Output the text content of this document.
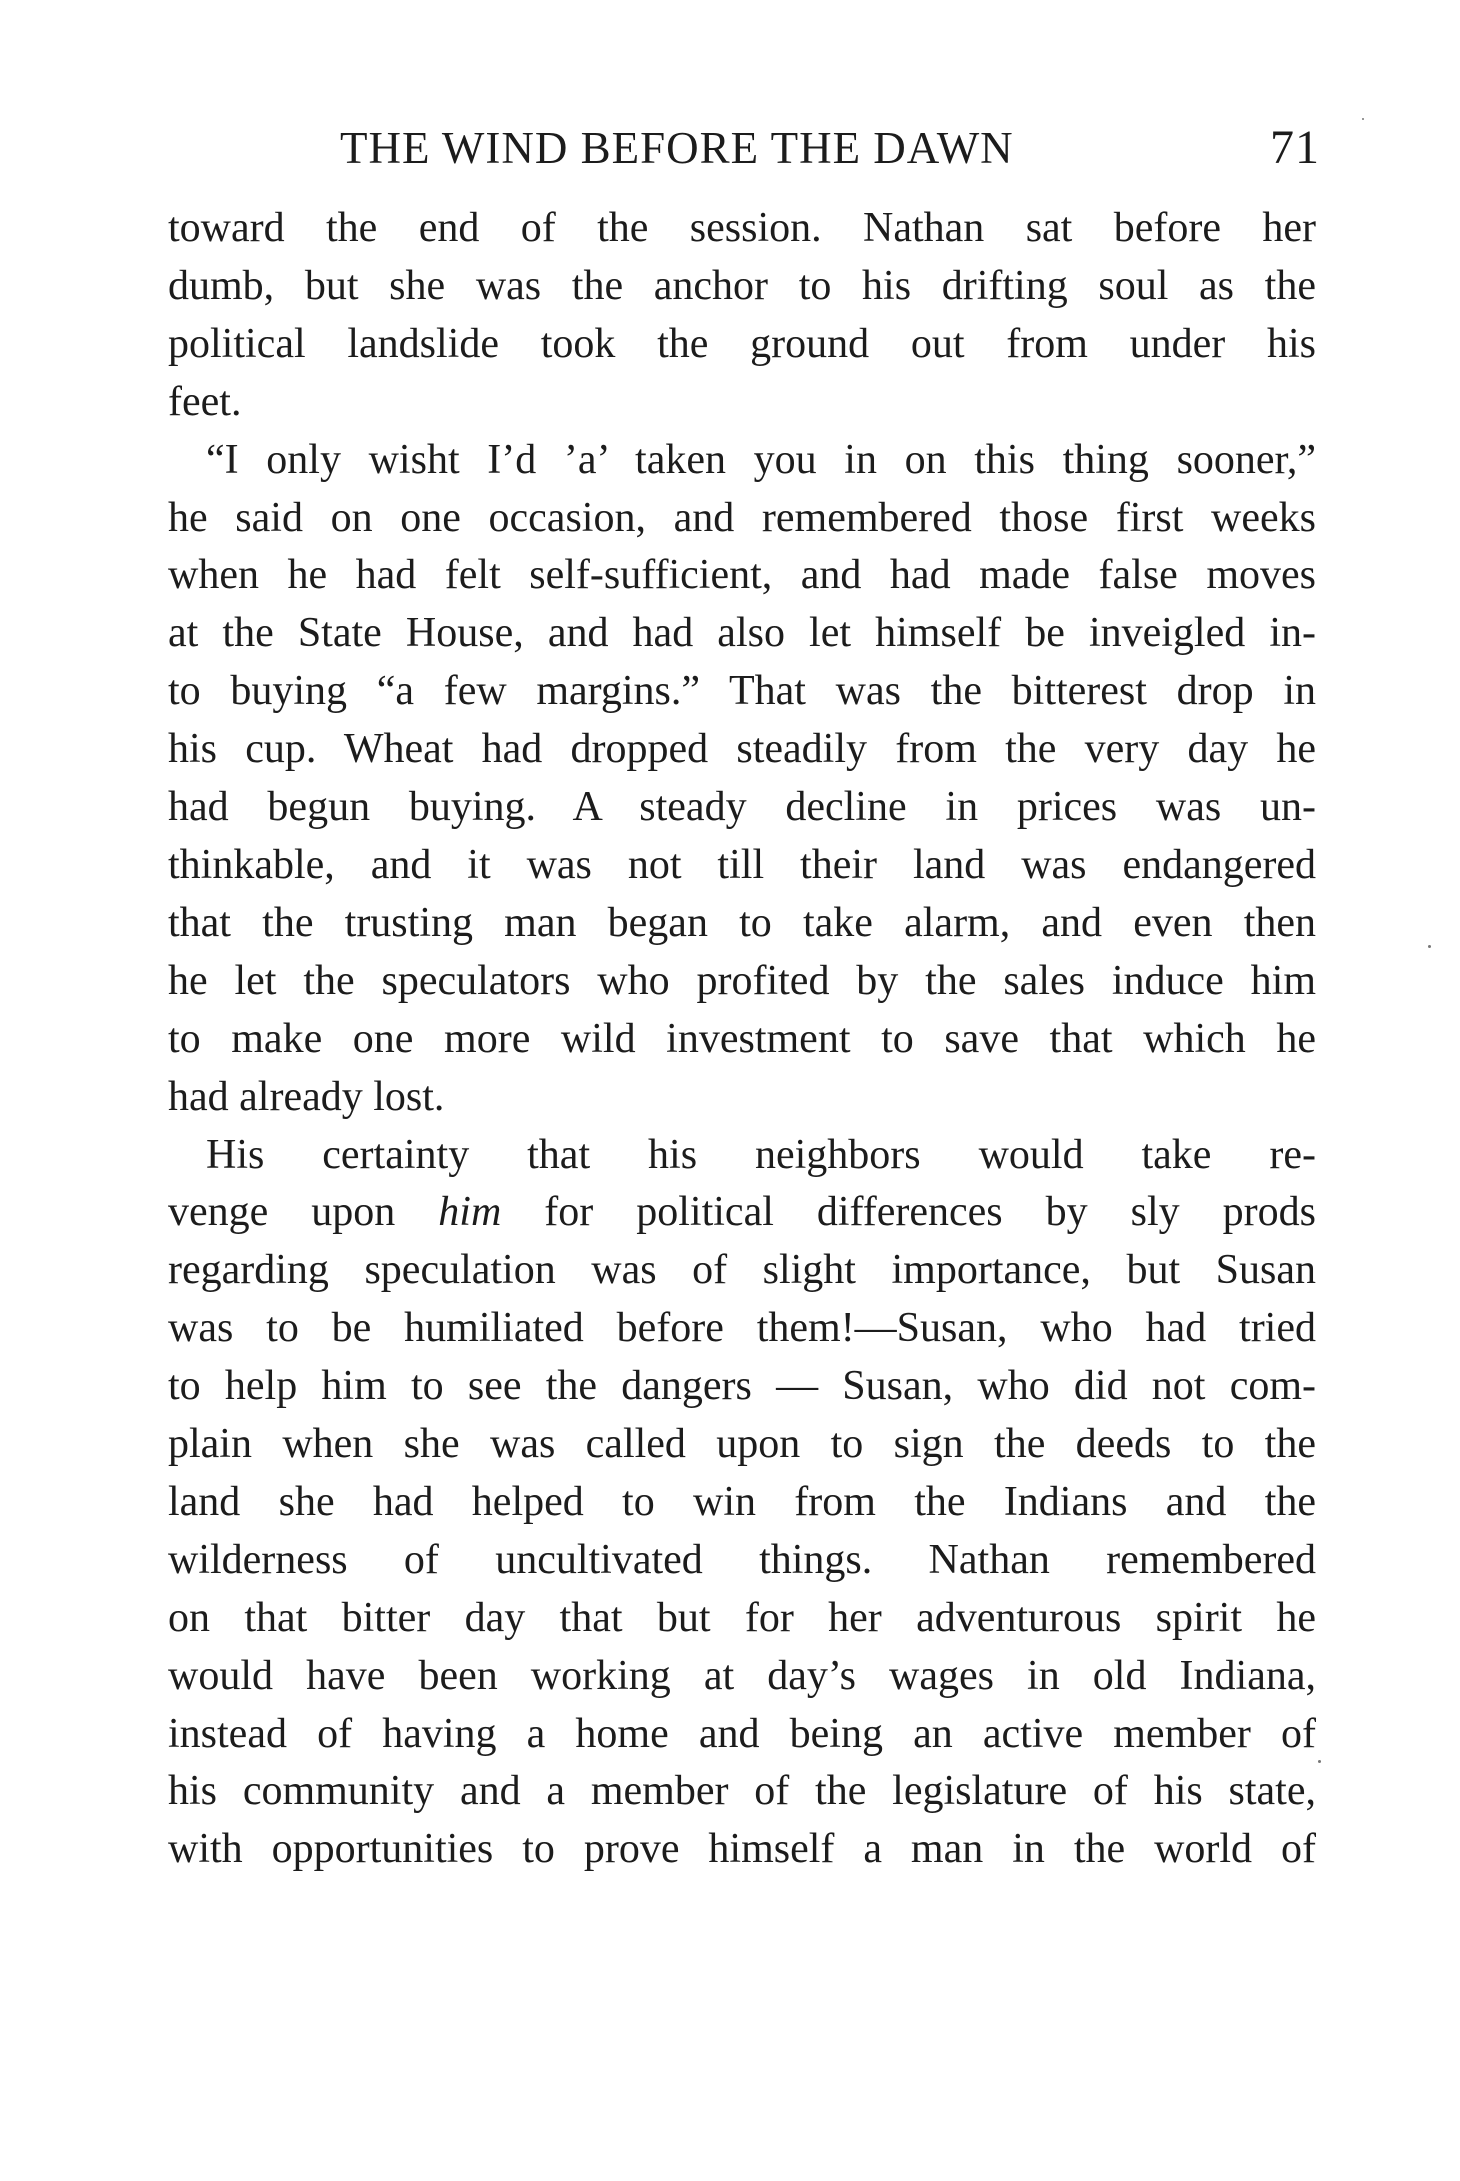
THE WIND BEFORE THE DAWN	71
toward the end of the session. Nathan sat before her
dumb, but she was the anchor to his drifting soul as the
political landslide took the ground out from under his
feet.
“I only wisht I’d ’a’ taken you in on this thing sooner,”
he said on one occasion, and remembered those first weeks
when he had felt self-sufficient, and had made false moves
at the State House, and had also let himself be inveigled in-
to buying “a few margins.” That was the bitterest drop in
his cup. Wheat had dropped steadily from the very day he
had begun buying. A steady decline in prices was un-
thinkable, and it was not till their land was endangered
that the trusting man began to take alarm, and even then
he let the speculators who profited by the sales induce him
to make one more wild investment to save that which he
had already lost.
His certainty that his neighbors would take re-
venge upon him for political differences by sly prods
regarding speculation was of slight importance, but Susan
was to be humiliated before them!—Susan, who had tried
to help him to see the dangers — Susan, who did not com-
plain when she was called upon to sign the deeds to the
land she had helped to win from the Indians and the
wilderness of uncultivated things. Nathan remembered
on that bitter day that but for her adventurous spirit he
would have been working at day’s wages in old Indiana,
instead of having a home and being an active member of
his community and a member of the legislature of his state,
with opportunities to prove himself a man in the world of
